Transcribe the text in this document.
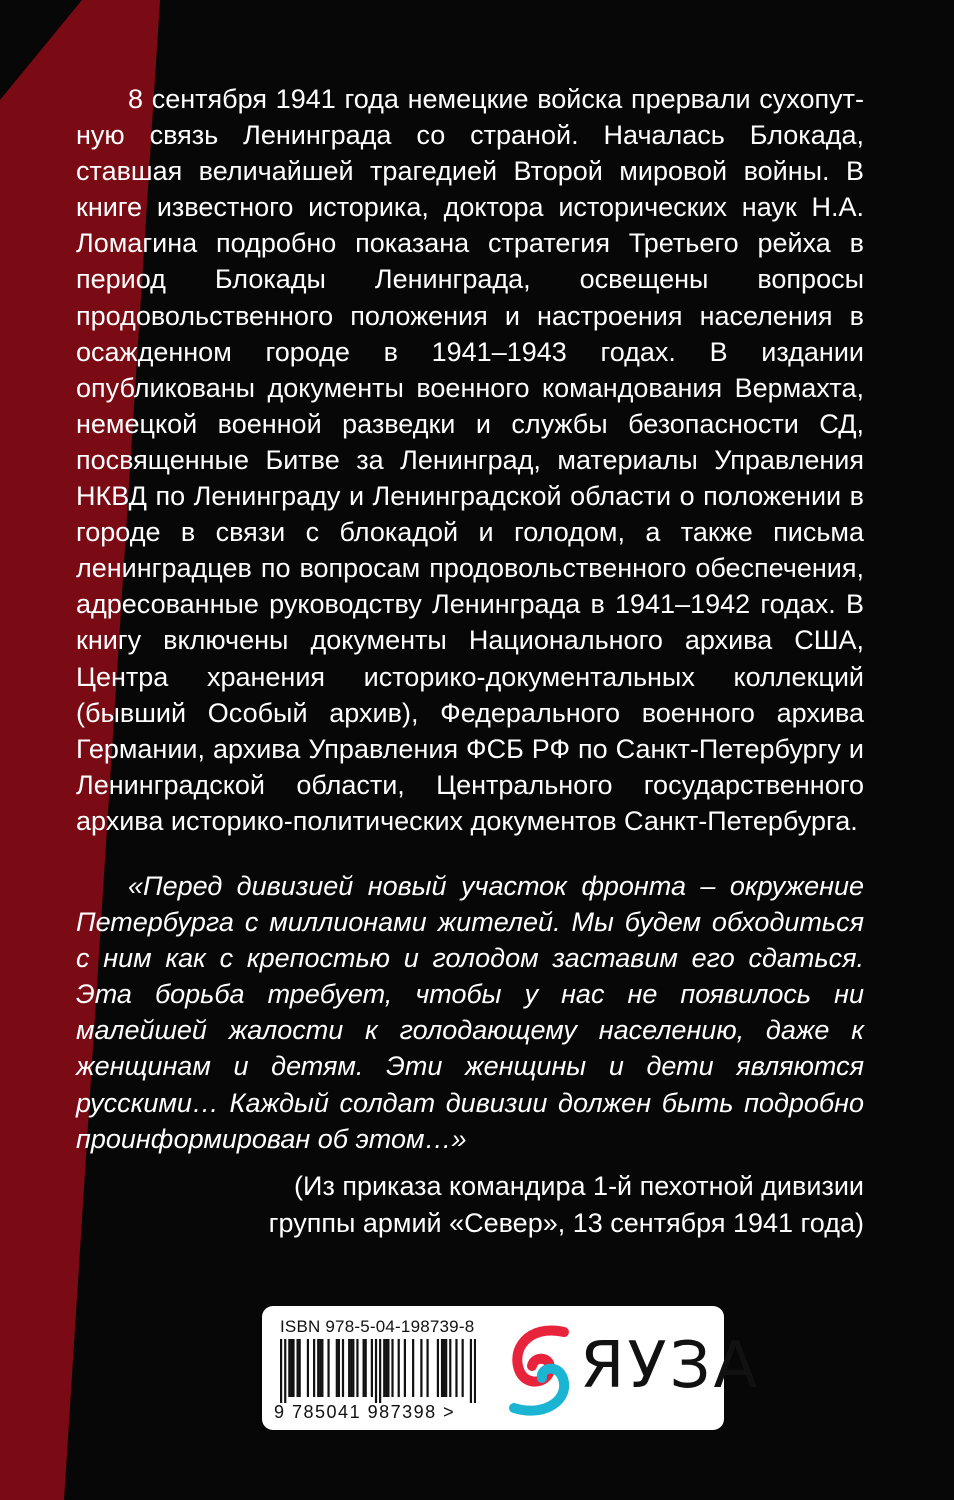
8 сентября 1941 года немецкие войска прервали сухопутную связь Ленинграда со страной. Началась Блокада, ставшая величайшей трагедией Второй мировой войны. В книге известного историка, доктора исторических наук Н.А. Ломагина подробно показана стратегия Третьего рейха в период Блокады Ленинграда, освещены вопросы продовольственного положения и настроения населения в осажденном городе в 1941–1943 годах. В издании опубликованы документы военного командования Вермахта, немецкой военной разведки и службы безопасности СД, посвященные Битве за Ленинград, материалы Управления НКВД по Ленинграду и Ленинградской области о положении в городе в связи с блокадой и голодом, а также письма ленинградцев по вопросам продовольственного обеспечения, адресованные руководству Ленинграда в 1941–1942 годах. В книгу включены документы Национального архива США, Центра хранения историко-документальных коллекций (бывший Особый архив), Федерального военного архива Германии, архива Управления ФСБ РФ по Санкт-Петербургу и Ленинградской области, Центрального государственного архива историко-политических документов Санкт-Петербурга.

«Перед дивизией новый участок фронта – окружение Петербурга с миллионами жителей. Мы будем обходиться с ним как с крепостью и голодом заставим его сдаться. Эта борьба требует, чтобы у нас не появилось ни малейшей жалости к голодающему населению, даже к женщинам и детям. Эти женщины и дети являются русскими… Каждый солдат дивизии должен быть подробно проинформирован об этом…»

(Из приказа командира 1-й пехотной дивизии
группы армий «Север», 13 сентября 1941 года)
ISBN 978-5-04-198739-8
9 785041 987398 >
ЯУЗА
